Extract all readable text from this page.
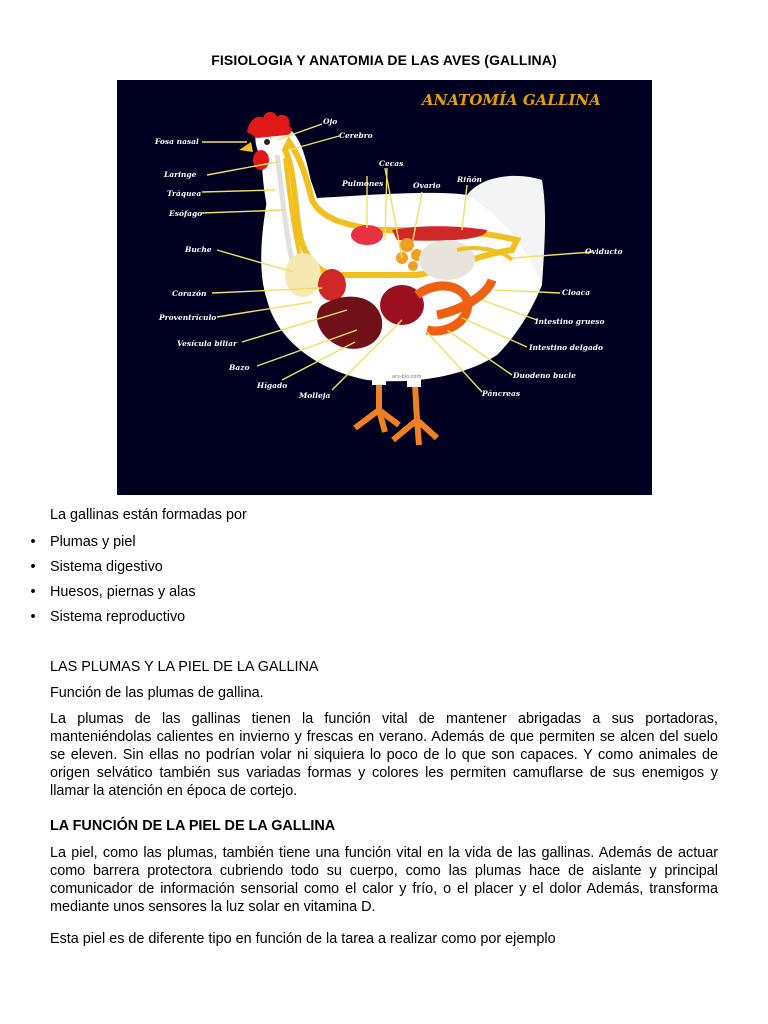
FISIOLOGIA Y ANATOMIA DE LAS AVES (GALLINA)
ANATOMÍA GALLINA
ars-bio.com
Fosa nasal
Ojo
Cerebro
Laringe
Tráquea
Esófago
Buche
Corazón
Proventrículo
Vesícula biliar
Bazo
Hígado
Molleja
Cecas
Pulmones	Ovario
Riñón
Oviducto
Cloaca
Intestino grueso
Intestino delgado
Duodeno bucle
Páncreas
La gallinas están formadas por
• Plumas y piel
• Sistema digestivo
• Huesos, piernas y alas
• Sistema reproductivo
LAS PLUMAS Y LA PIEL DE LA GALLINA
Función de las plumas de gallina.
La plumas de las gallinas tienen la función vital de mantener abrigadas a sus portadoras, manteniéndolas calientes en invierno y frescas en verano. Además de que permiten se alcen del suelo se eleven. Sin ellas no podrían volar ni siquiera lo poco de lo que son capaces. Y como animales de origen selvático también sus variadas formas y colores les permiten camuflarse de sus enemigos y llamar la atención en época de cortejo.
LA FUNCIÓN DE LA PIEL DE LA GALLINA
La piel, como las plumas, también tiene una función vital en la vida de las gallinas. Además de actuar como barrera protectora cubriendo todo su cuerpo, como las plumas hace de aislante y principal comunicador de información sensorial como el calor y frío, o el placer y el dolor Además, transforma mediante unos sensores la luz solar en vitamina D.
Esta piel es de diferente tipo en función de la tarea a realizar como por ejemplo
